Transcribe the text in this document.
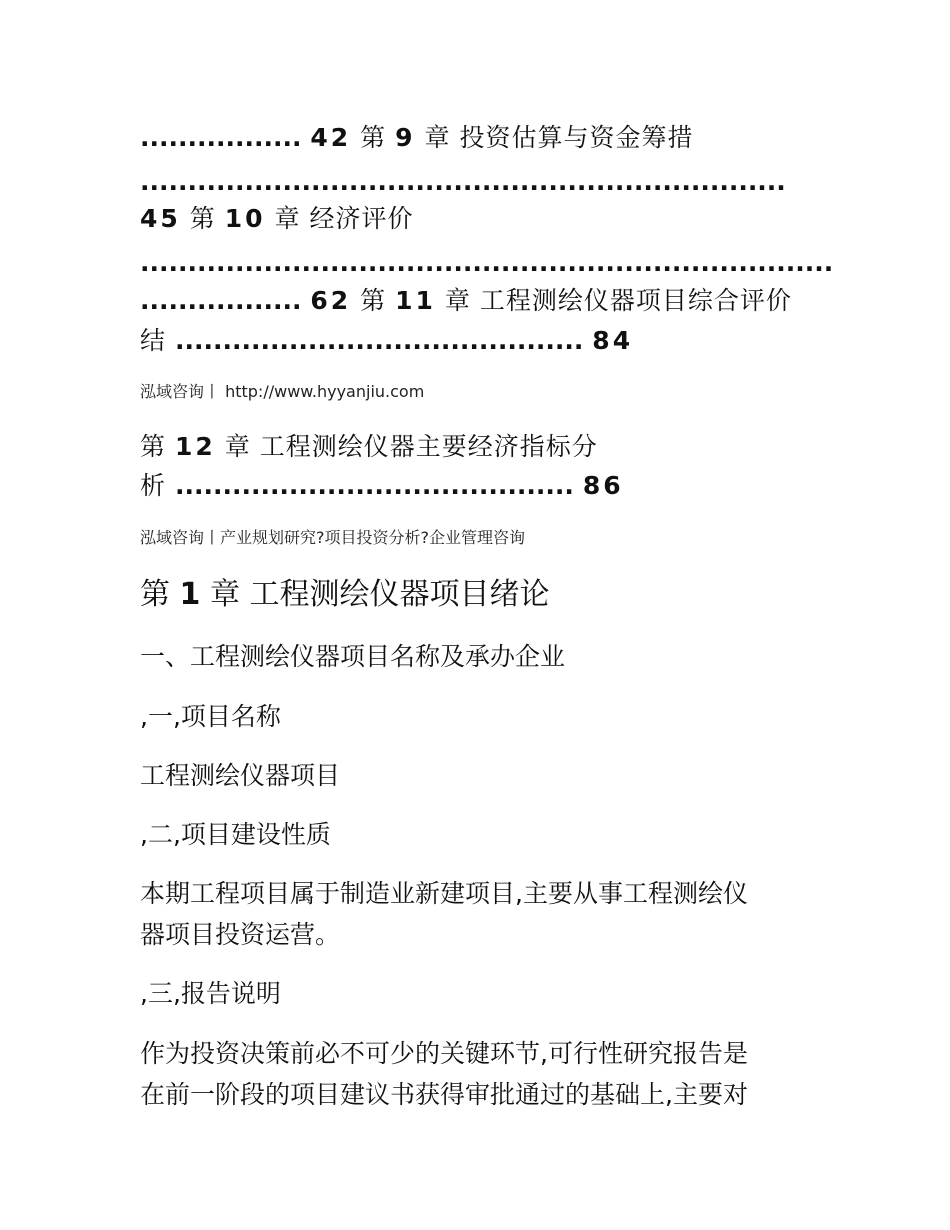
................. 42 第 9 章 投资估算与资金筹措
....................................................................
45 第 10 章 经济评价
.........................................................................
................. 62 第 11 章 工程测绘仪器项目综合评价
结 ........................................... 84
泓域咨询丨 http://www.hyyanjiu.com
第 12 章 工程测绘仪器主要经济指标分
析 .......................................... 86
泓域咨询丨产业规划研究?项目投资分析?企业管理咨询
第 1 章 工程测绘仪器项目绪论
一、工程测绘仪器项目名称及承办企业
,一,项目名称
工程测绘仪器项目
,二,项目建设性质
本期工程项目属于制造业新建项目,主要从事工程测绘仪
器项目投资运营。
,三,报告说明
作为投资决策前必不可少的关键环节,可行性研究报告是
在前一阶段的项目建议书获得审批通过的基础上,主要对
